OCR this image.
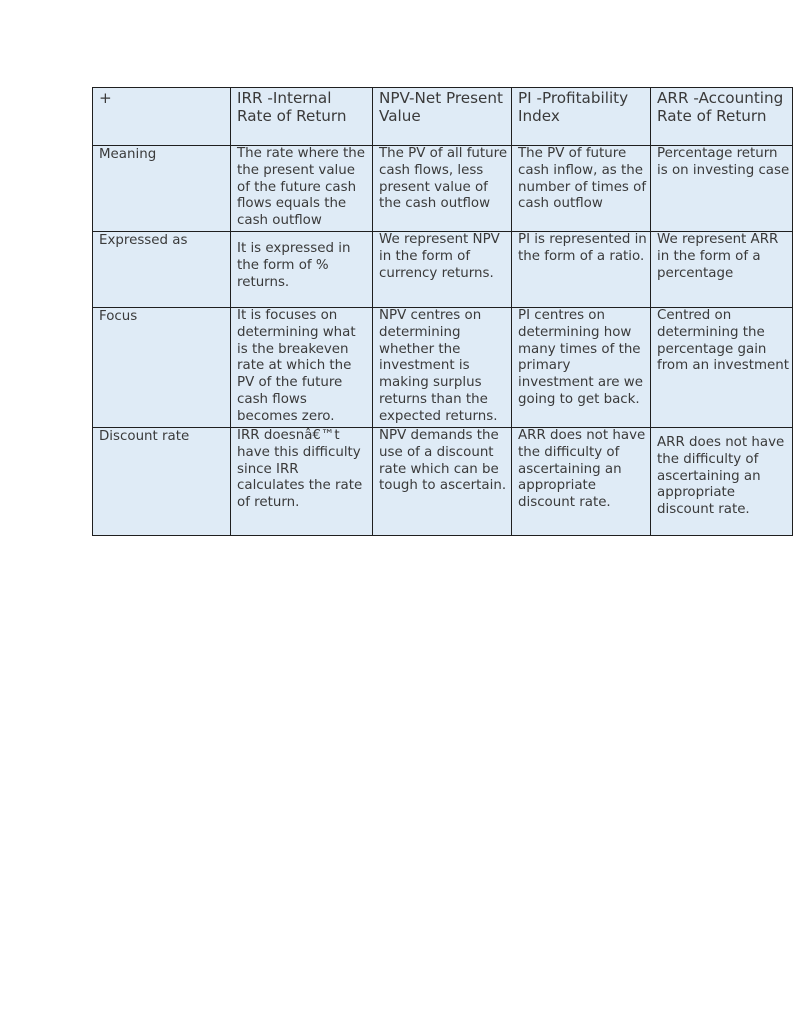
+	IRR -Internal Rate of Return	NPV-Net Present Value	PI -Profitability Index	ARR -Accounting Rate of Return
Meaning	The rate where the the present value of the future cash flows equals the cash outflow	The PV of all future cash flows, less present value of the cash outflow	The PV of future cash inflow, as the number of times of cash outflow	Percentage return is on investing case
Expressed as	It is expressed in the form of % returns.	We represent NPV in the form of currency returns.	PI is represented in the form of a ratio.	We represent ARR in the form of a percentage
Focus	It is focuses on determining what is the breakeven rate at which the PV of the future cash flows becomes zero.	NPV centres on determining whether the investment is making surplus returns than the expected returns.	PI centres on determining how many times of the primary investment are we going to get back.	Centred on determining the percentage gain from an investment
Discount rate	IRR doesnâ€™t have this difficulty since IRR calculates the rate of return.	NPV demands the use of a discount rate which can be tough to ascertain.	ARR does not have the difficulty of ascertaining an appropriate discount rate.	ARR does not have the difficulty of ascertaining an appropriate discount rate.
